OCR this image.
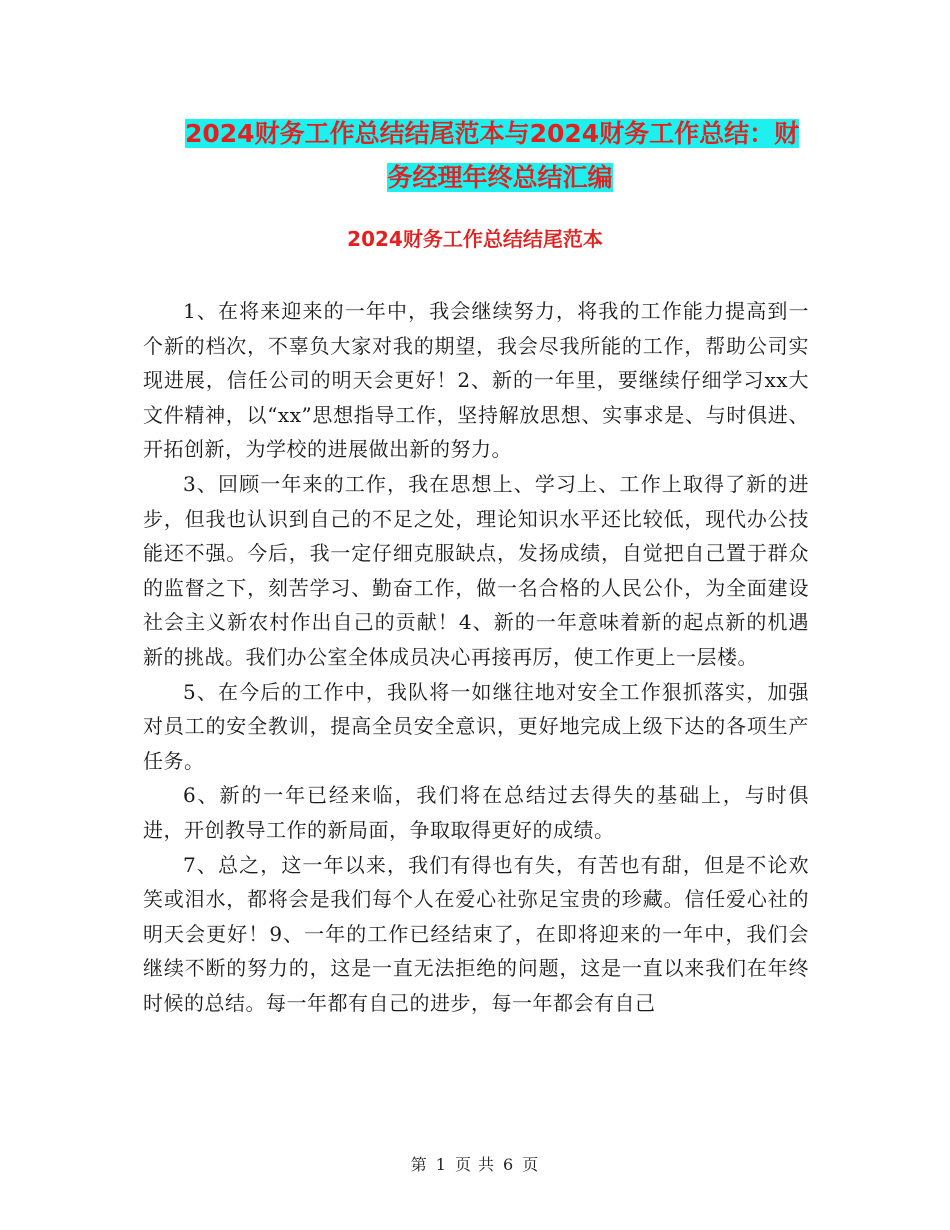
2024财务工作总结结尾范本与2024财务工作总结：财
务经理年终总结汇编
2024财务工作总结结尾范本

1、在将来迎来的一年中，我会继续努力，将我的工作能力提高到一个新的档次，不辜负大家对我的期望，我会尽我所能的工作，帮助公司实现进展，信任公司的明天会更好！2、新的一年里，要继续仔细学习xx大文件精神，以“xx”思想指导工作，坚持解放思想、实事求是、与时俱进、开拓创新，为学校的进展做出新的努力。

3、回顾一年来的工作，我在思想上、学习上、工作上取得了新的进步，但我也认识到自己的不足之处，理论知识水平还比较低，现代办公技能还不强。今后，我一定仔细克服缺点，发扬成绩，自觉把自己置于群众的监督之下，刻苦学习、勤奋工作，做一名合格的人民公仆，为全面建设社会主义新农村作出自己的贡献！4、新的一年意味着新的起点新的机遇新的挑战。我们办公室全体成员决心再接再厉，使工作更上一层楼。

5、在今后的工作中，我队将一如继往地对安全工作狠抓落实，加强对员工的安全教训，提高全员安全意识，更好地完成上级下达的各项生产任务。

6、新的一年已经来临，我们将在总结过去得失的基础上，与时俱进，开创教导工作的新局面，争取取得更好的成绩。

7、总之，这一年以来，我们有得也有失，有苦也有甜，但是不论欢笑或泪水，都将会是我们每个人在爱心社弥足宝贵的珍藏。信任爱心社的明天会更好！9、一年的工作已经结束了，在即将迎来的一年中，我们会继续不断的努力的，这是一直无法拒绝的问题，这是一直以来我们在年终时候的总结。每一年都有自己的进步，每一年都会有自己

第 1 页 共 6 页
